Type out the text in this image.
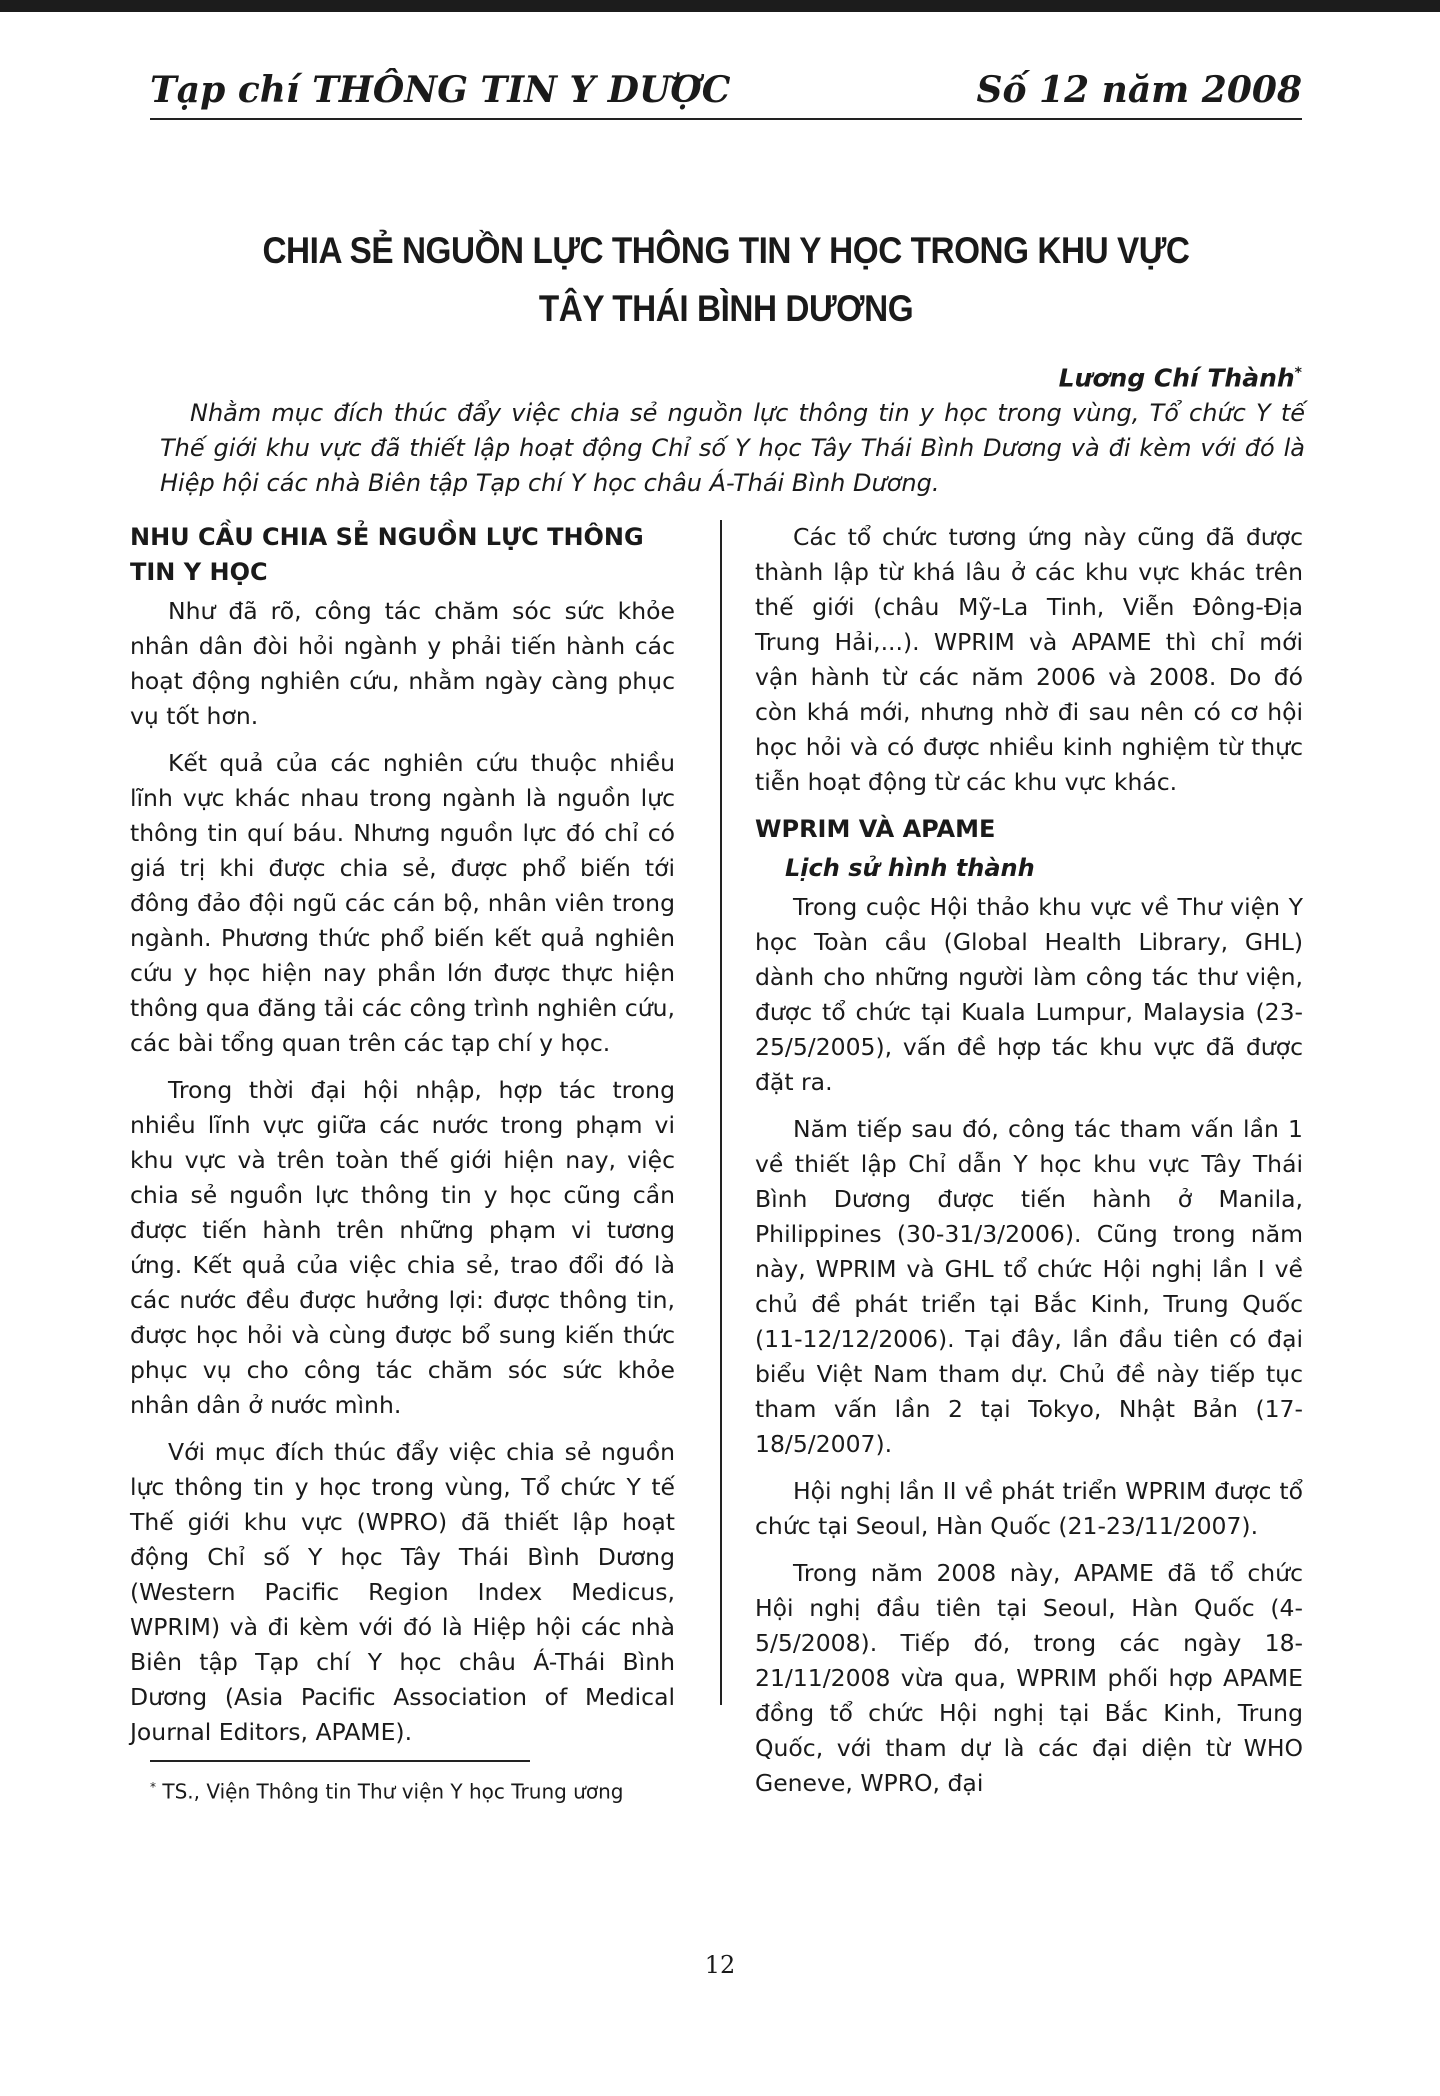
Tạp chí THÔNG TIN Y DƯỢC	Số 12 năm 2008
CHIA SẺ NGUỒN LỰC THÔNG TIN Y HỌC TRONG KHU VỰC
TÂY THÁI BÌNH DƯƠNG
Lương Chí Thành*
Nhằm mục đích thúc đẩy việc chia sẻ nguồn lực thông tin y học trong vùng, Tổ chức Y tế Thế giới khu vực đã thiết lập hoạt động Chỉ số Y học Tây Thái Bình Dương và đi kèm với đó là Hiệp hội các nhà Biên tập Tạp chí Y học châu Á-Thái Bình Dương.
NHU CẦU CHIA SẺ NGUỒN LỰC THÔNG TIN Y HỌC

Như đã rõ, công tác chăm sóc sức khỏe nhân dân đòi hỏi ngành y phải tiến hành các hoạt động nghiên cứu, nhằm ngày càng phục vụ tốt hơn.

Kết quả của các nghiên cứu thuộc nhiều lĩnh vực khác nhau trong ngành là nguồn lực thông tin quí báu. Nhưng nguồn lực đó chỉ có giá trị khi được chia sẻ, được phổ biến tới đông đảo đội ngũ các cán bộ, nhân viên trong ngành. Phương thức phổ biến kết quả nghiên cứu y học hiện nay phần lớn được thực hiện thông qua đăng tải các công trình nghiên cứu, các bài tổng quan trên các tạp chí y học.

Trong thời đại hội nhập, hợp tác trong nhiều lĩnh vực giữa các nước trong phạm vi khu vực và trên toàn thế giới hiện nay, việc chia sẻ nguồn lực thông tin y học cũng cần được tiến hành trên những phạm vi tương ứng. Kết quả của việc chia sẻ, trao đổi đó là các nước đều được hưởng lợi: được thông tin, được học hỏi và cùng được bổ sung kiến thức phục vụ cho công tác chăm sóc sức khỏe nhân dân ở nước mình.

Với mục đích thúc đẩy việc chia sẻ nguồn lực thông tin y học trong vùng, Tổ chức Y tế Thế giới khu vực (WPRO) đã thiết lập hoạt động Chỉ số Y học Tây Thái Bình Dương (Western Pacific Region Index Medicus, WPRIM) và đi kèm với đó là Hiệp hội các nhà Biên tập Tạp chí Y học châu Á-Thái Bình Dương (Asia Pacific Association of Medical Journal Editors, APAME).

Các tổ chức tương ứng này cũng đã được thành lập từ khá lâu ở các khu vực khác trên thế giới (châu Mỹ-La Tinh, Viễn Đông-Địa Trung Hải,...). WPRIM và APAME thì chỉ mới vận hành từ các năm 2006 và 2008. Do đó còn khá mới, nhưng nhờ đi sau nên có cơ hội học hỏi và có được nhiều kinh nghiệm từ thực tiễn hoạt động từ các khu vực khác.

WPRIM VÀ APAME
Lịch sử hình thành

Trong cuộc Hội thảo khu vực về Thư viện Y học Toàn cầu (Global Health Library, GHL) dành cho những người làm công tác thư viện, được tổ chức tại Kuala Lumpur, Malaysia (23-25/5/2005), vấn đề hợp tác khu vực đã được đặt ra.

Năm tiếp sau đó, công tác tham vấn lần 1 về thiết lập Chỉ dẫn Y học khu vực Tây Thái Bình Dương được tiến hành ở Manila, Philippines (30-31/3/2006). Cũng trong năm này, WPRIM và GHL tổ chức Hội nghị lần I về chủ đề phát triển tại Bắc Kinh, Trung Quốc (11-12/12/2006). Tại đây, lần đầu tiên có đại biểu Việt Nam tham dự. Chủ đề này tiếp tục tham vấn lần 2 tại Tokyo, Nhật Bản (17-18/5/2007).

Hội nghị lần II về phát triển WPRIM được tổ chức tại Seoul, Hàn Quốc (21-23/11/2007).

Trong năm 2008 này, APAME đã tổ chức Hội nghị đầu tiên tại Seoul, Hàn Quốc (4-5/5/2008). Tiếp đó, trong các ngày 18-21/11/2008 vừa qua, WPRIM phối hợp APAME đồng tổ chức Hội nghị tại Bắc Kinh, Trung Quốc, với tham dự là các đại diện từ WHO Geneve, WPRO, đại

* TS., Viện Thông tin Thư viện Y học Trung ương
12
